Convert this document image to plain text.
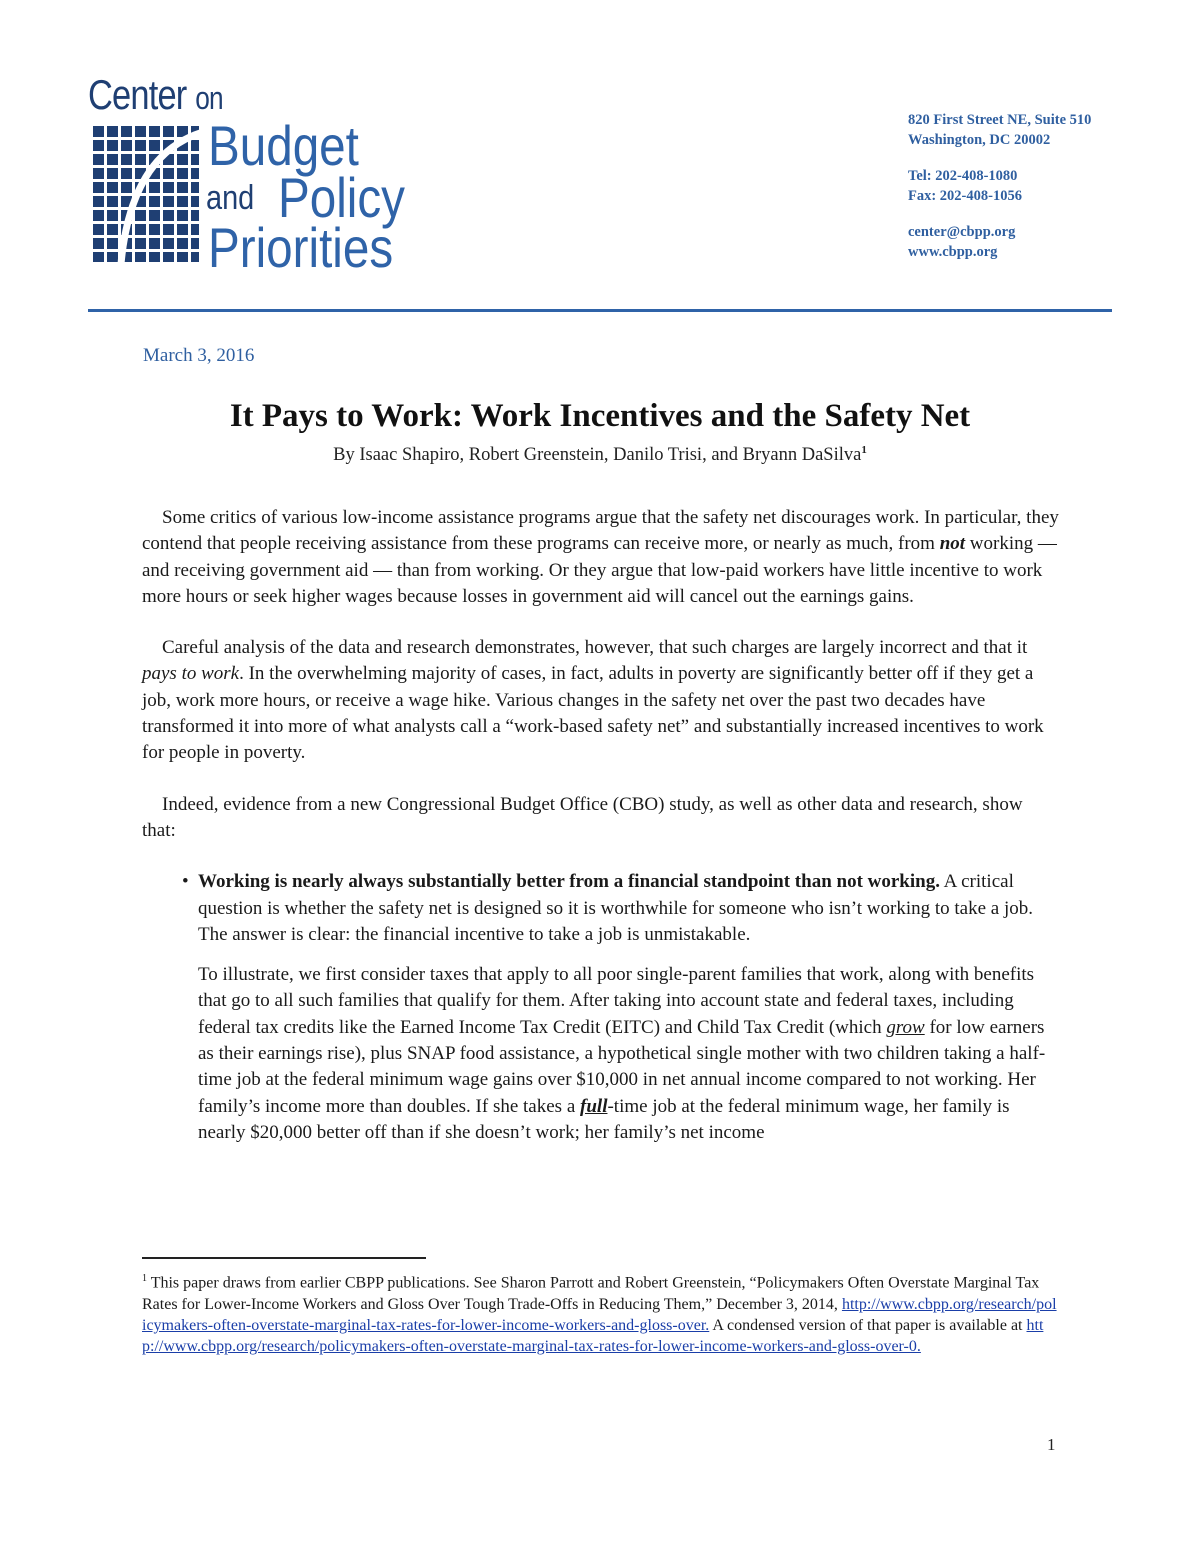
Center on
Budget
and Policy
Priorities
820 First Street NE, Suite 510
Washington, DC 20002
Tel: 202-408-1080
Fax: 202-408-1056
center@cbpp.org
www.cbpp.org
March 3, 2016
It Pays to Work: Work Incentives and the Safety Net
By Isaac Shapiro, Robert Greenstein, Danilo Trisi, and Bryann DaSilva$^1$

Some critics of various low-income assistance programs argue that the safety net discourages work. In particular, they contend that people receiving assistance from these programs can receive more, or nearly as much, from not working — and receiving government aid — than from working. Or they argue that low-paid workers have little incentive to work more hours or seek higher wages because losses in government aid will cancel out the earnings gains.

Careful analysis of the data and research demonstrates, however, that such charges are largely incorrect and that it pays to work. In the overwhelming majority of cases, in fact, adults in poverty are significantly better off if they get a job, work more hours, or receive a wage hike. Various changes in the safety net over the past two decades have transformed it into more of what analysts call a “work-based safety net” and substantially increased incentives to work for people in poverty.

Indeed, evidence from a new Congressional Budget Office (CBO) study, as well as other data and research, show that:

• Working is nearly always substantially better from a financial standpoint than not working. A critical question is whether the safety net is designed so it is worthwhile for someone who isn’t working to take a job. The answer is clear: the financial incentive to take a job is unmistakable.

To illustrate, we first consider taxes that apply to all poor single-parent families that work, along with benefits that go to all such families that qualify for them. After taking into account state and federal taxes, including federal tax credits like the Earned Income Tax Credit (EITC) and Child Tax Credit (which grow for low earners as their earnings rise), plus SNAP food assistance, a hypothetical single mother with two children taking a half-time job at the federal minimum wage gains over $10,000 in net annual income compared to not working. Her family’s income more than doubles. If she takes a full-time job at the federal minimum wage, her family is nearly $20,000 better off than if she doesn’t work; her family’s net income

$^1$ This paper draws from earlier CBPP publications. See Sharon Parrott and Robert Greenstein, “Policymakers Often Overstate Marginal Tax Rates for Lower-Income Workers and Gloss Over Tough Trade-Offs in Reducing Them,” December 3, 2014, http://www.cbpp.org/research/policymakers-often-overstate-marginal-tax-rates-for-lower-income-workers-and-gloss-over. A condensed version of that paper is available at http://www.cbpp.org/research/policymakers-often-overstate-marginal-tax-rates-for-lower-income-workers-and-gloss-over-0.
1
